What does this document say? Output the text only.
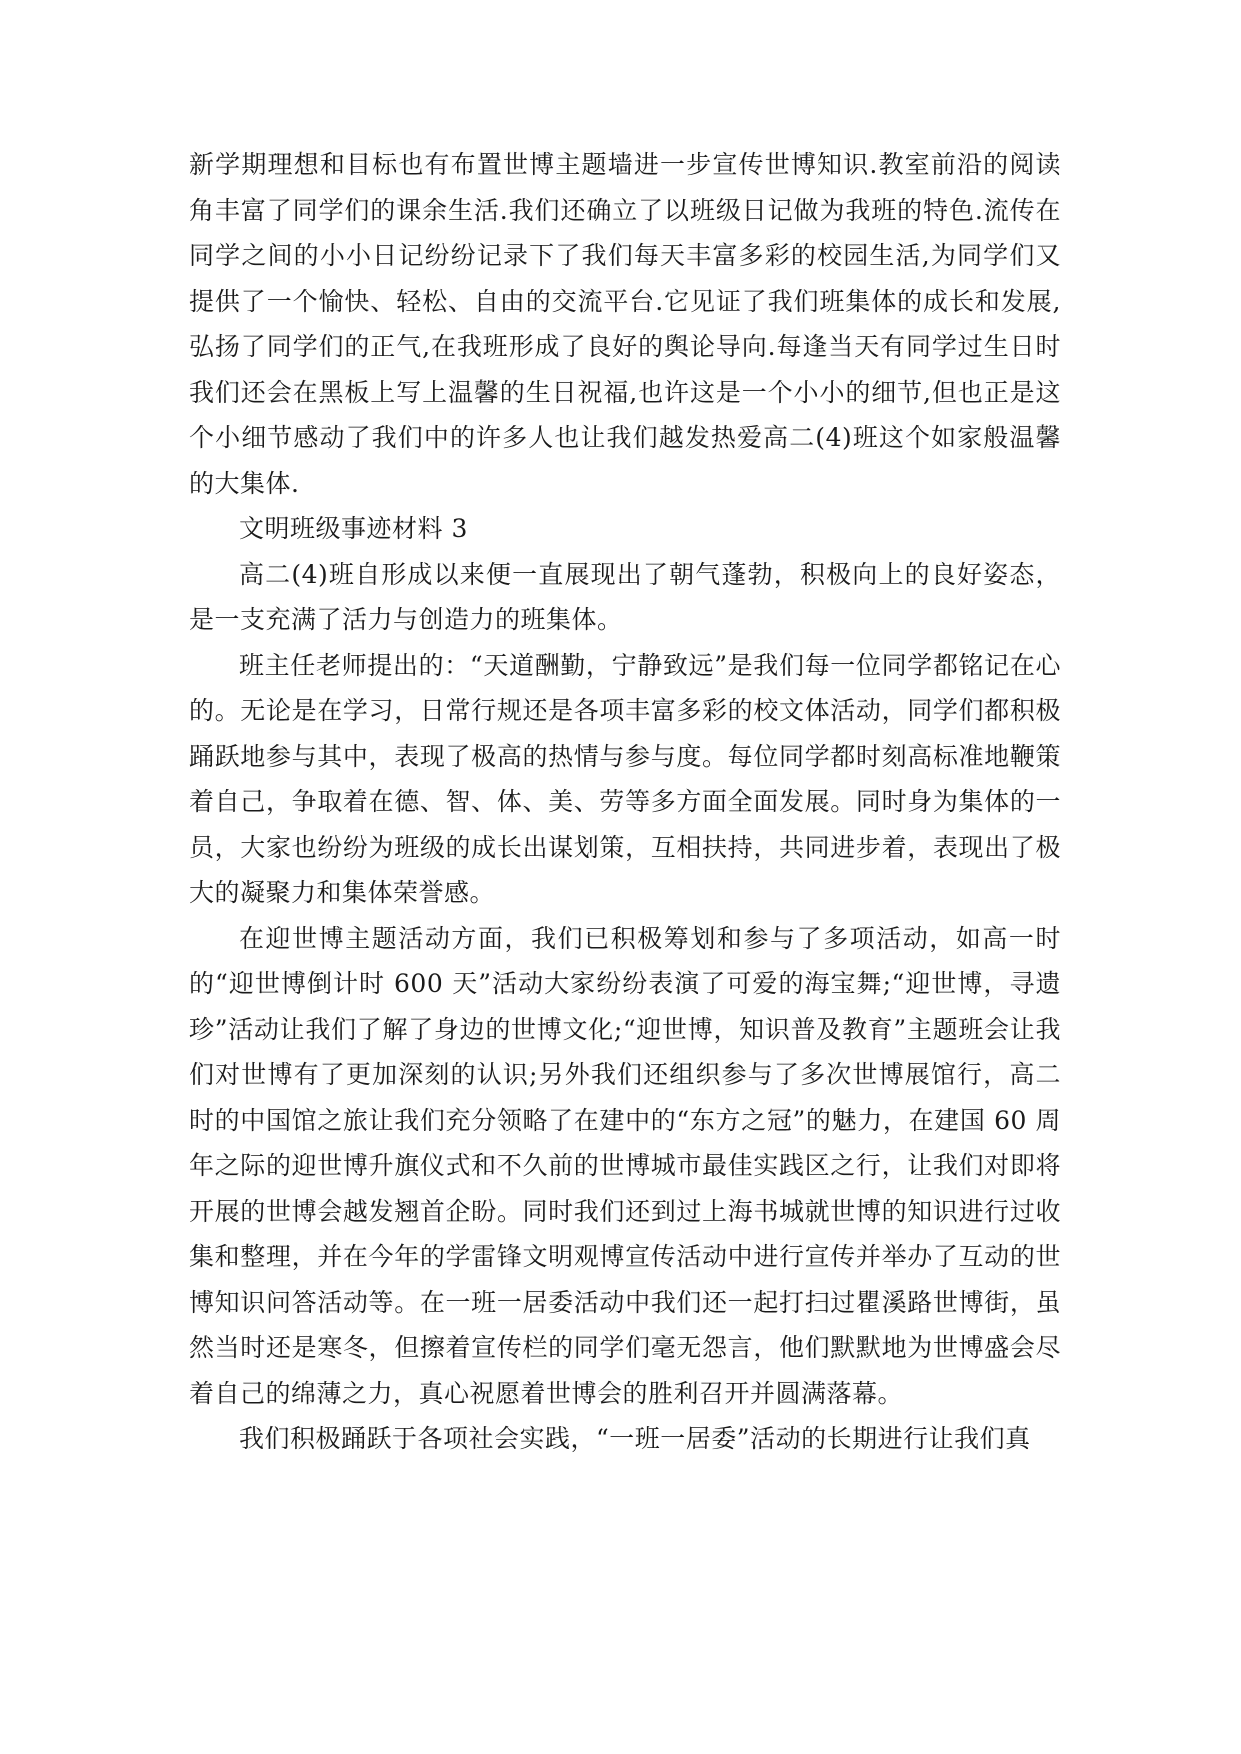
新学期理想和目标也有布置世博主题墙进一步宣传世博知识.教室前沿的阅读角丰富了同学们的课余生活.我们还确立了以班级日记做为我班的特色.流传在同学之间的小小日记纷纷记录下了我们每天丰富多彩的校园生活,为同学们又提供了一个愉快、轻松、自由的交流平台.它见证了我们班集体的成长和发展,弘扬了同学们的正气,在我班形成了良好的舆论导向.每逢当天有同学过生日时我们还会在黑板上写上温馨的生日祝福,也许这是一个小小的细节,但也正是这个小细节感动了我们中的许多人也让我们越发热爱高二(4)班这个如家般温馨的大集体.

文明班级事迹材料 3

高二(4)班自形成以来便一直展现出了朝气蓬勃，积极向上的良好姿态，是一支充满了活力与创造力的班集体。

班主任老师提出的：“天道酬勤，宁静致远”是我们每一位同学都铭记在心的。无论是在学习，日常行规还是各项丰富多彩的校文体活动，同学们都积极踊跃地参与其中，表现了极高的热情与参与度。每位同学都时刻高标准地鞭策着自己，争取着在德、智、体、美、劳等多方面全面发展。同时身为集体的一员，大家也纷纷为班级的成长出谋划策，互相扶持，共同进步着，表现出了极大的凝聚力和集体荣誉感。

在迎世博主题活动方面，我们已积极筹划和参与了多项活动，如高一时的“迎世博倒计时 600 天”活动大家纷纷表演了可爱的海宝舞;“迎世博，寻遗珍”活动让我们了解了身边的世博文化;“迎世博，知识普及教育”主题班会让我们对世博有了更加深刻的认识;另外我们还组织参与了多次世博展馆行，高二时的中国馆之旅让我们充分领略了在建中的“东方之冠”的魅力，在建国 60 周年之际的迎世博升旗仪式和不久前的世博城市最佳实践区之行，让我们对即将开展的世博会越发翘首企盼。同时我们还到过上海书城就世博的知识进行过收集和整理，并在今年的学雷锋文明观博宣传活动中进行宣传并举办了互动的世博知识问答活动等。在一班一居委活动中我们还一起打扫过瞿溪路世博街，虽然当时还是寒冬，但擦着宣传栏的同学们毫无怨言，他们默默地为世博盛会尽着自己的绵薄之力，真心祝愿着世博会的胜利召开并圆满落幕。

我们积极踊跃于各项社会实践，“一班一居委”活动的长期进行让我们真
